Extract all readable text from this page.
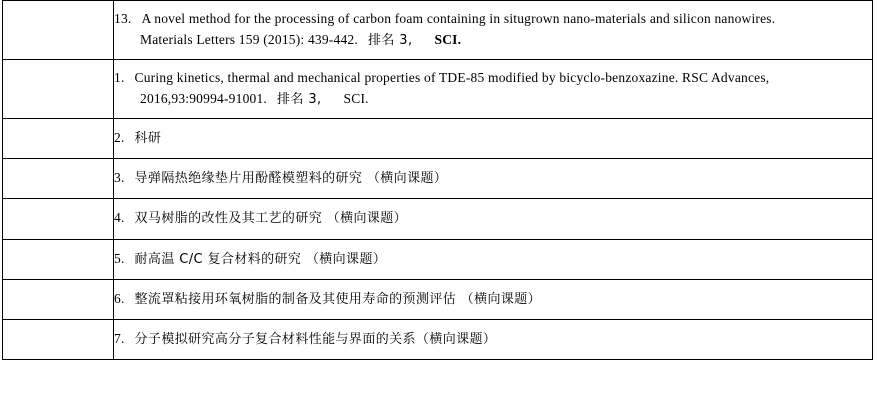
	13. A novel method for the processing of carbon foam containing in situgrown nano-materials and silicon nanowires.
Materials Letters 159 (2015): 439-442. 排名 3, SCI.

	1. Curing kinetics, thermal and mechanical properties of TDE-85 modified by bicyclo-benzoxazine. RSC Advances,
2016,93:90994-91001. 排名 3, SCI.

	2. 科研

	3. 导弹隔热绝缘垫片用酚醛模塑料的研究 （横向课题）

	4. 双马树脂的改性及其工艺的研究 （横向课题）

	5. 耐高温 C/C 复合材料的研究 （横向课题）

	6. 整流罩粘接用环氧树脂的制备及其使用寿命的预测评估 （横向课题）

	7. 分子模拟研究高分子复合材料性能与界面的关系（横向课题）
